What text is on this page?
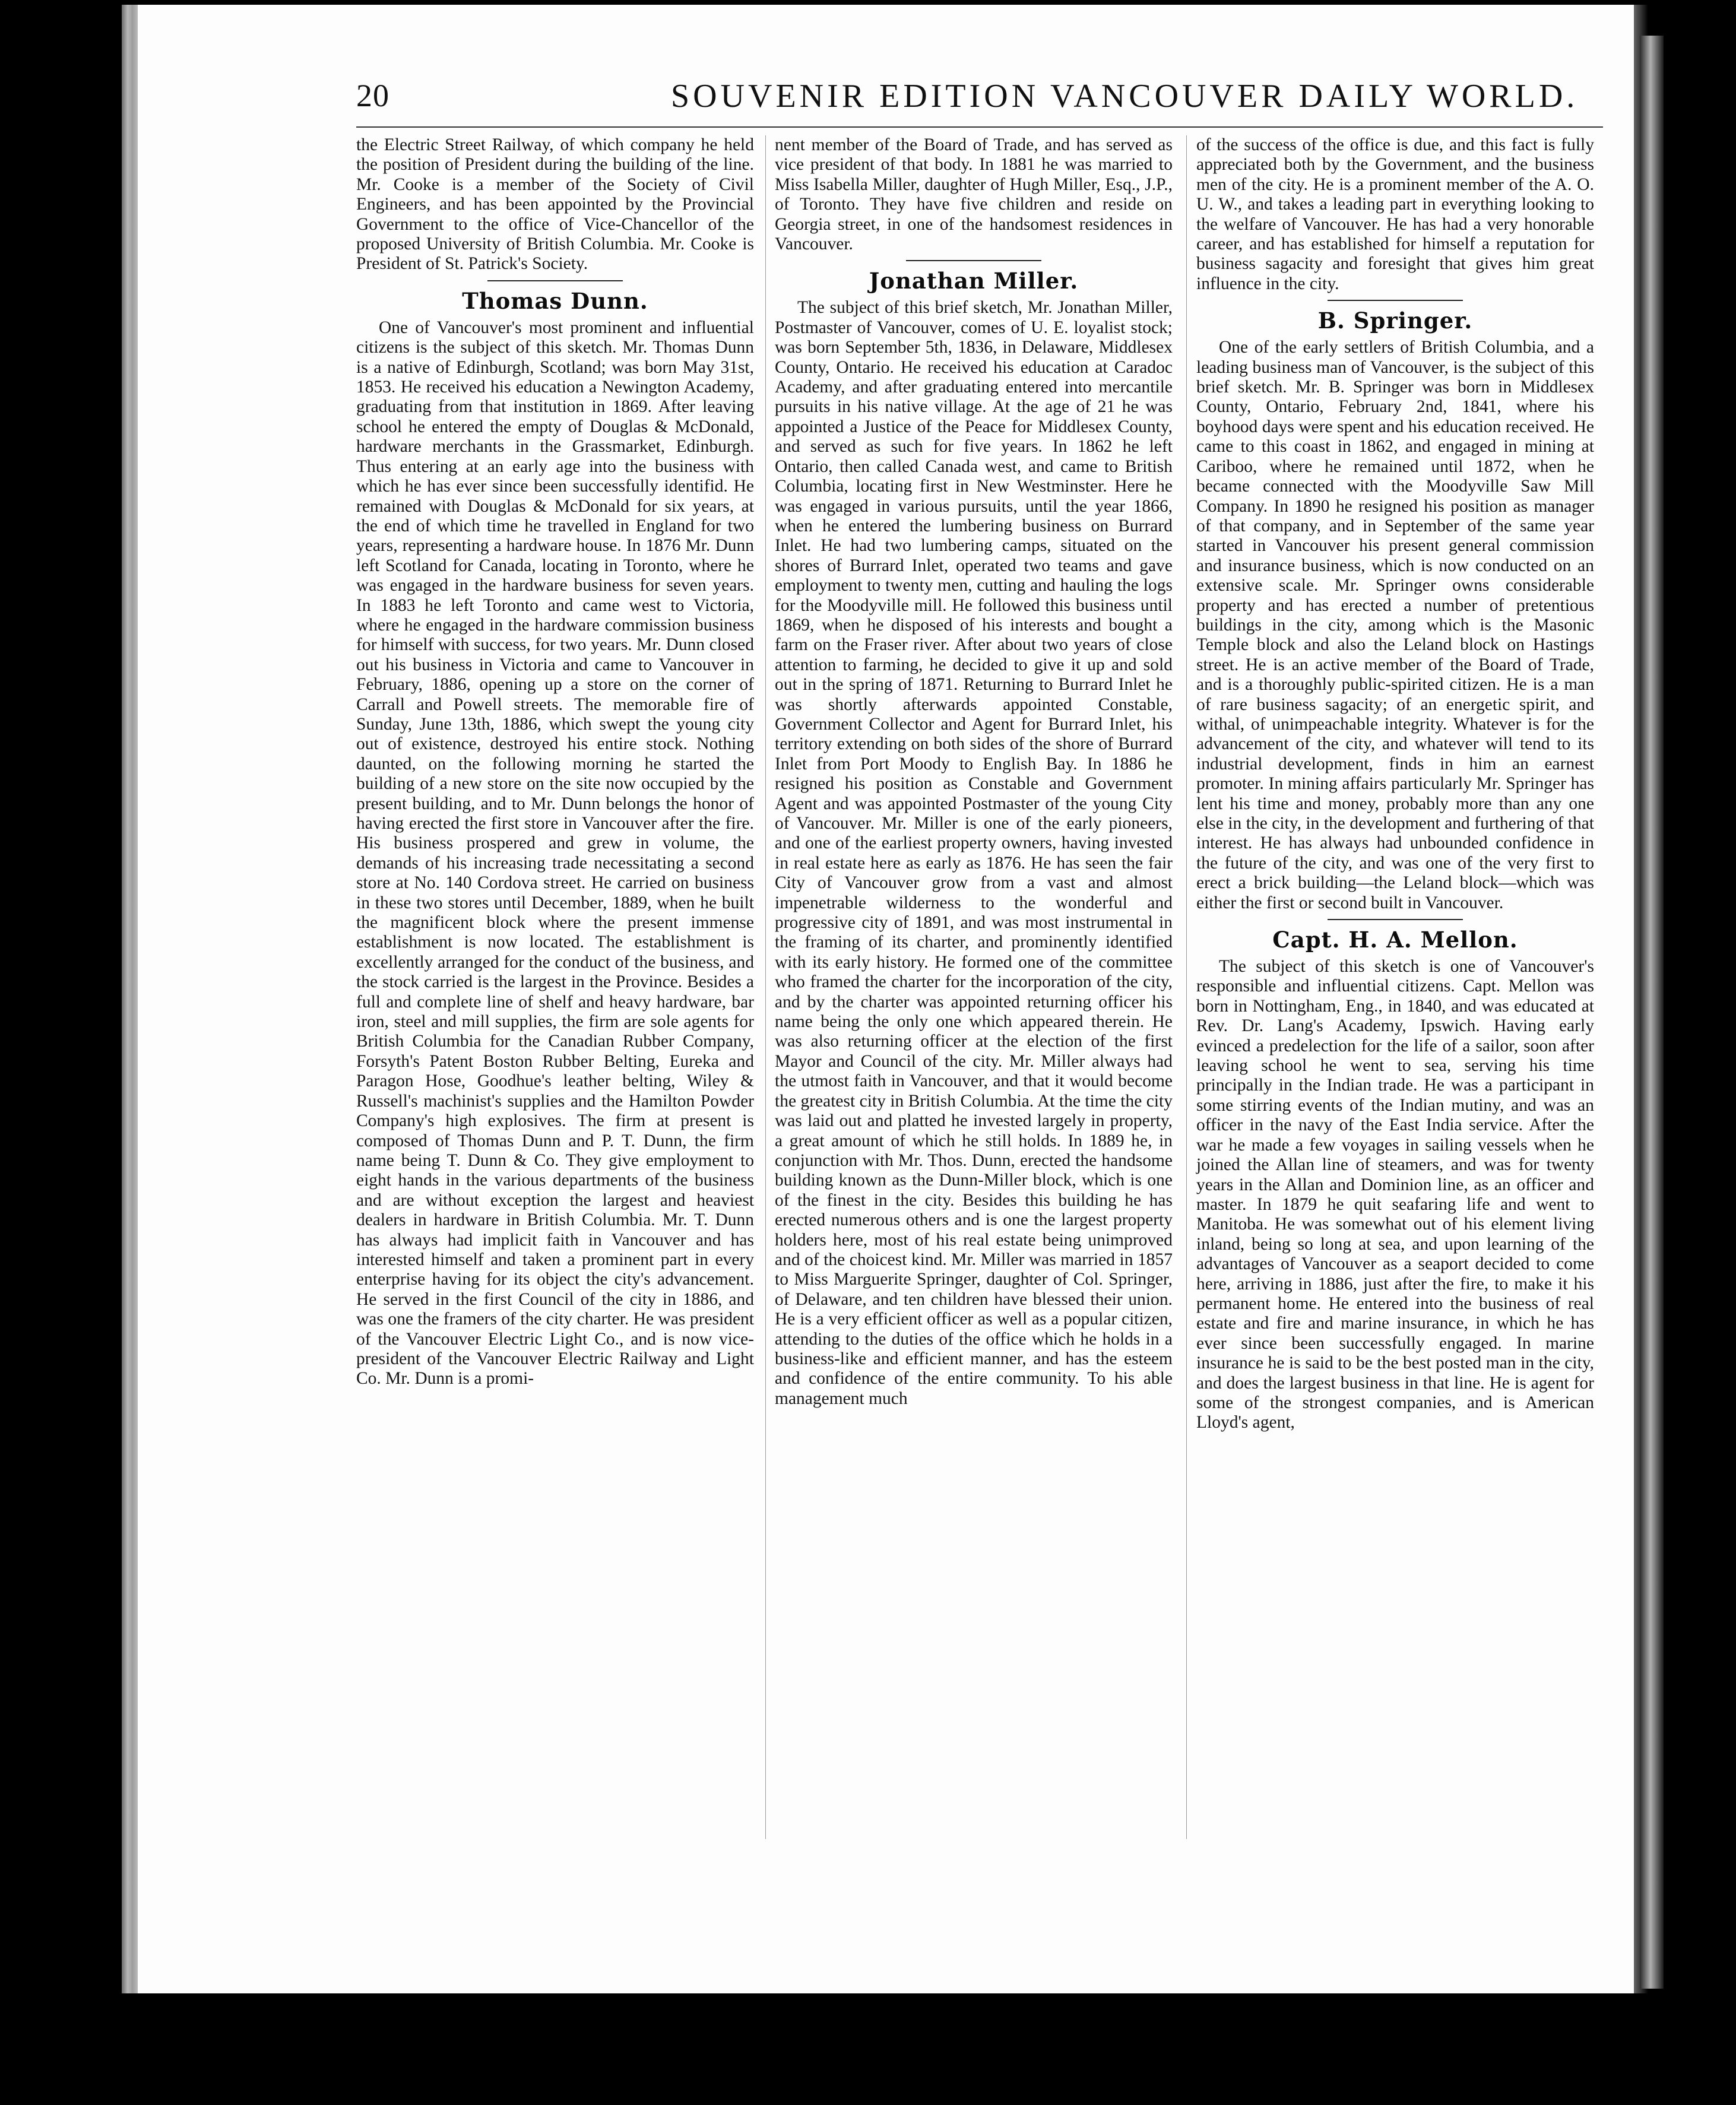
20	SOUVENIR EDITION VANCOUVER DAILY WORLD.

the Electric Street Railway, of which company he held the position of President during the building of the line. Mr. Cooke is a member of the Society of Civil Engineers, and has been appointed by the Provincial Government to the office of Vice-Chancellor of the proposed University of British Columbia. Mr. Cooke is President of St. Patrick's Society.

Thomas Dunn.

One of Vancouver's most prominent and influential citizens is the subject of this sketch. Mr. Thomas Dunn is a native of Edinburgh, Scotland; was born May 31st, 1853. He received his education a Newington Academy, graduating from that institution in 1869. After leaving school he entered the empty of Douglas & McDonald, hardware merchants in the Grassmarket, Edinburgh. Thus entering at an early age into the business with which he has ever since been successfully identifid. He remained with Douglas & McDonald for six years, at the end of which time he travelled in England for two years, representing a hardware house. In 1876 Mr. Dunn left Scotland for Canada, locating in Toronto, where he was engaged in the hardware business for seven years. In 1883 he left Toronto and came west to Victoria, where he engaged in the hardware commission business for himself with success, for two years. Mr. Dunn closed out his business in Victoria and came to Vancouver in February, 1886, opening up a store on the corner of Carrall and Powell streets. The memorable fire of Sunday, June 13th, 1886, which swept the young city out of existence, destroyed his entire stock. Nothing daunted, on the following morning he started the building of a new store on the site now occupied by the present building, and to Mr. Dunn belongs the honor of having erected the first store in Vancouver after the fire. His business prospered and grew in volume, the demands of his increasing trade necessitating a second store at No. 140 Cordova street. He carried on business in these two stores until December, 1889, when he built the magnificent block where the present immense establishment is now located. The establishment is excellently arranged for the conduct of the business, and the stock carried is the largest in the Province. Besides a full and complete line of shelf and heavy hardware, bar iron, steel and mill supplies, the firm are sole agents for British Columbia for the Canadian Rubber Company, Forsyth's Patent Boston Rubber Belting, Eureka and Paragon Hose, Goodhue's leather belting, Wiley & Russell's machinist's supplies and the Hamilton Powder Company's high explosives. The firm at present is composed of Thomas Dunn and P. T. Dunn, the firm name being T. Dunn & Co. They give employment to eight hands in the various departments of the business and are without exception the largest and heaviest dealers in hardware in British Columbia. Mr. T. Dunn has always had implicit faith in Vancouver and has interested himself and taken a prominent part in every enterprise having for its object the city's advancement. He served in the first Council of the city in 1886, and was one the framers of the city charter. He was president of the Vancouver Electric Light Co., and is now vice-president of the Vancouver Electric Railway and Light Co. Mr. Dunn is a promi-

nent member of the Board of Trade, and has served as vice president of that body. In 1881 he was married to Miss Isabella Miller, daughter of Hugh Miller, Esq., J.P., of Toronto. They have five children and reside on Georgia street, in one of the handsomest residences in Vancouver.

Jonathan Miller.

The subject of this brief sketch, Mr. Jonathan Miller, Postmaster of Vancouver, comes of U. E. loyalist stock; was born September 5th, 1836, in Delaware, Middlesex County, Ontario. He received his education at Caradoc Academy, and after graduating entered into mercantile pursuits in his native village. At the age of 21 he was appointed a Justice of the Peace for Middlesex County, and served as such for five years. In 1862 he left Ontario, then called Canada west, and came to British Columbia, locating first in New Westminster. Here he was engaged in various pursuits, until the year 1866, when he entered the lumbering business on Burrard Inlet. He had two lumbering camps, situated on the shores of Burrard Inlet, operated two teams and gave employment to twenty men, cutting and hauling the logs for the Moodyville mill. He followed this business until 1869, when he disposed of his interests and bought a farm on the Fraser river. After about two years of close attention to farming, he decided to give it up and sold out in the spring of 1871. Returning to Burrard Inlet he was shortly afterwards appointed Constable, Government Collector and Agent for Burrard Inlet, his territory extending on both sides of the shore of Burrard Inlet from Port Moody to English Bay. In 1886 he resigned his position as Constable and Government Agent and was appointed Postmaster of the young City of Vancouver. Mr. Miller is one of the early pioneers, and one of the earliest property owners, having invested in real estate here as early as 1876. He has seen the fair City of Vancouver grow from a vast and almost impenetrable wilderness to the wonderful and progressive city of 1891, and was most instrumental in the framing of its charter, and prominently identified with its early history. He formed one of the committee who framed the charter for the incorporation of the city, and by the charter was appointed returning officer his name being the only one which appeared therein. He was also returning officer at the election of the first Mayor and Council of the city. Mr. Miller always had the utmost faith in Vancouver, and that it would become the greatest city in British Columbia. At the time the city was laid out and platted he invested largely in property, a great amount of which he still holds. In 1889 he, in conjunction with Mr. Thos. Dunn, erected the handsome building known as the Dunn-Miller block, which is one of the finest in the city. Besides this building he has erected numerous others and is one the largest property holders here, most of his real estate being unimproved and of the choicest kind. Mr. Miller was married in 1857 to Miss Marguerite Springer, daughter of Col. Springer, of Delaware, and ten children have blessed their union. He is a very efficient officer as well as a popular citizen, attending to the duties of the office which he holds in a business-like and efficient manner, and has the esteem and confidence of the entire community. To his able management much

of the success of the office is due, and this fact is fully appreciated both by the Government, and the business men of the city. He is a prominent member of the A. O. U. W., and takes a leading part in everything looking to the welfare of Vancouver. He has had a very honorable career, and has established for himself a reputation for business sagacity and foresight that gives him great influence in the city.

B. Springer.

One of the early settlers of British Columbia, and a leading business man of Vancouver, is the subject of this brief sketch. Mr. B. Springer was born in Middlesex County, Ontario, February 2nd, 1841, where his boyhood days were spent and his education received. He came to this coast in 1862, and engaged in mining at Cariboo, where he remained until 1872, when he became connected with the Moodyville Saw Mill Company. In 1890 he resigned his position as manager of that company, and in September of the same year started in Vancouver his present general commission and insurance business, which is now conducted on an extensive scale. Mr. Springer owns considerable property and has erected a number of pretentious buildings in the city, among which is the Masonic Temple block and also the Leland block on Hastings street. He is an active member of the Board of Trade, and is a thoroughly public-spirited citizen. He is a man of rare business sagacity; of an energetic spirit, and withal, of unimpeachable integrity. Whatever is for the advancement of the city, and whatever will tend to its industrial development, finds in him an earnest promoter. In mining affairs particularly Mr. Springer has lent his time and money, probably more than any one else in the city, in the development and furthering of that interest. He has always had unbounded confidence in the future of the city, and was one of the very first to erect a brick building—the Leland block—which was either the first or second built in Vancouver.

Capt. H. A. Mellon.

The subject of this sketch is one of Vancouver's responsible and influential citizens. Capt. Mellon was born in Nottingham, Eng., in 1840, and was educated at Rev. Dr. Lang's Academy, Ipswich. Having early evinced a predelection for the life of a sailor, soon after leaving school he went to sea, serving his time principally in the Indian trade. He was a participant in some stirring events of the Indian mutiny, and was an officer in the navy of the East India service. After the war he made a few voyages in sailing vessels when he joined the Allan line of steamers, and was for twenty years in the Allan and Dominion line, as an officer and master. In 1879 he quit seafaring life and went to Manitoba. He was somewhat out of his element living inland, being so long at sea, and upon learning of the advantages of Vancouver as a seaport decided to come here, arriving in 1886, just after the fire, to make it his permanent home. He entered into the business of real estate and fire and marine insurance, in which he has ever since been successfully engaged. In marine insurance he is said to be the best posted man in the city, and does the largest business in that line. He is agent for some of the strongest companies, and is American Lloyd's agent,
